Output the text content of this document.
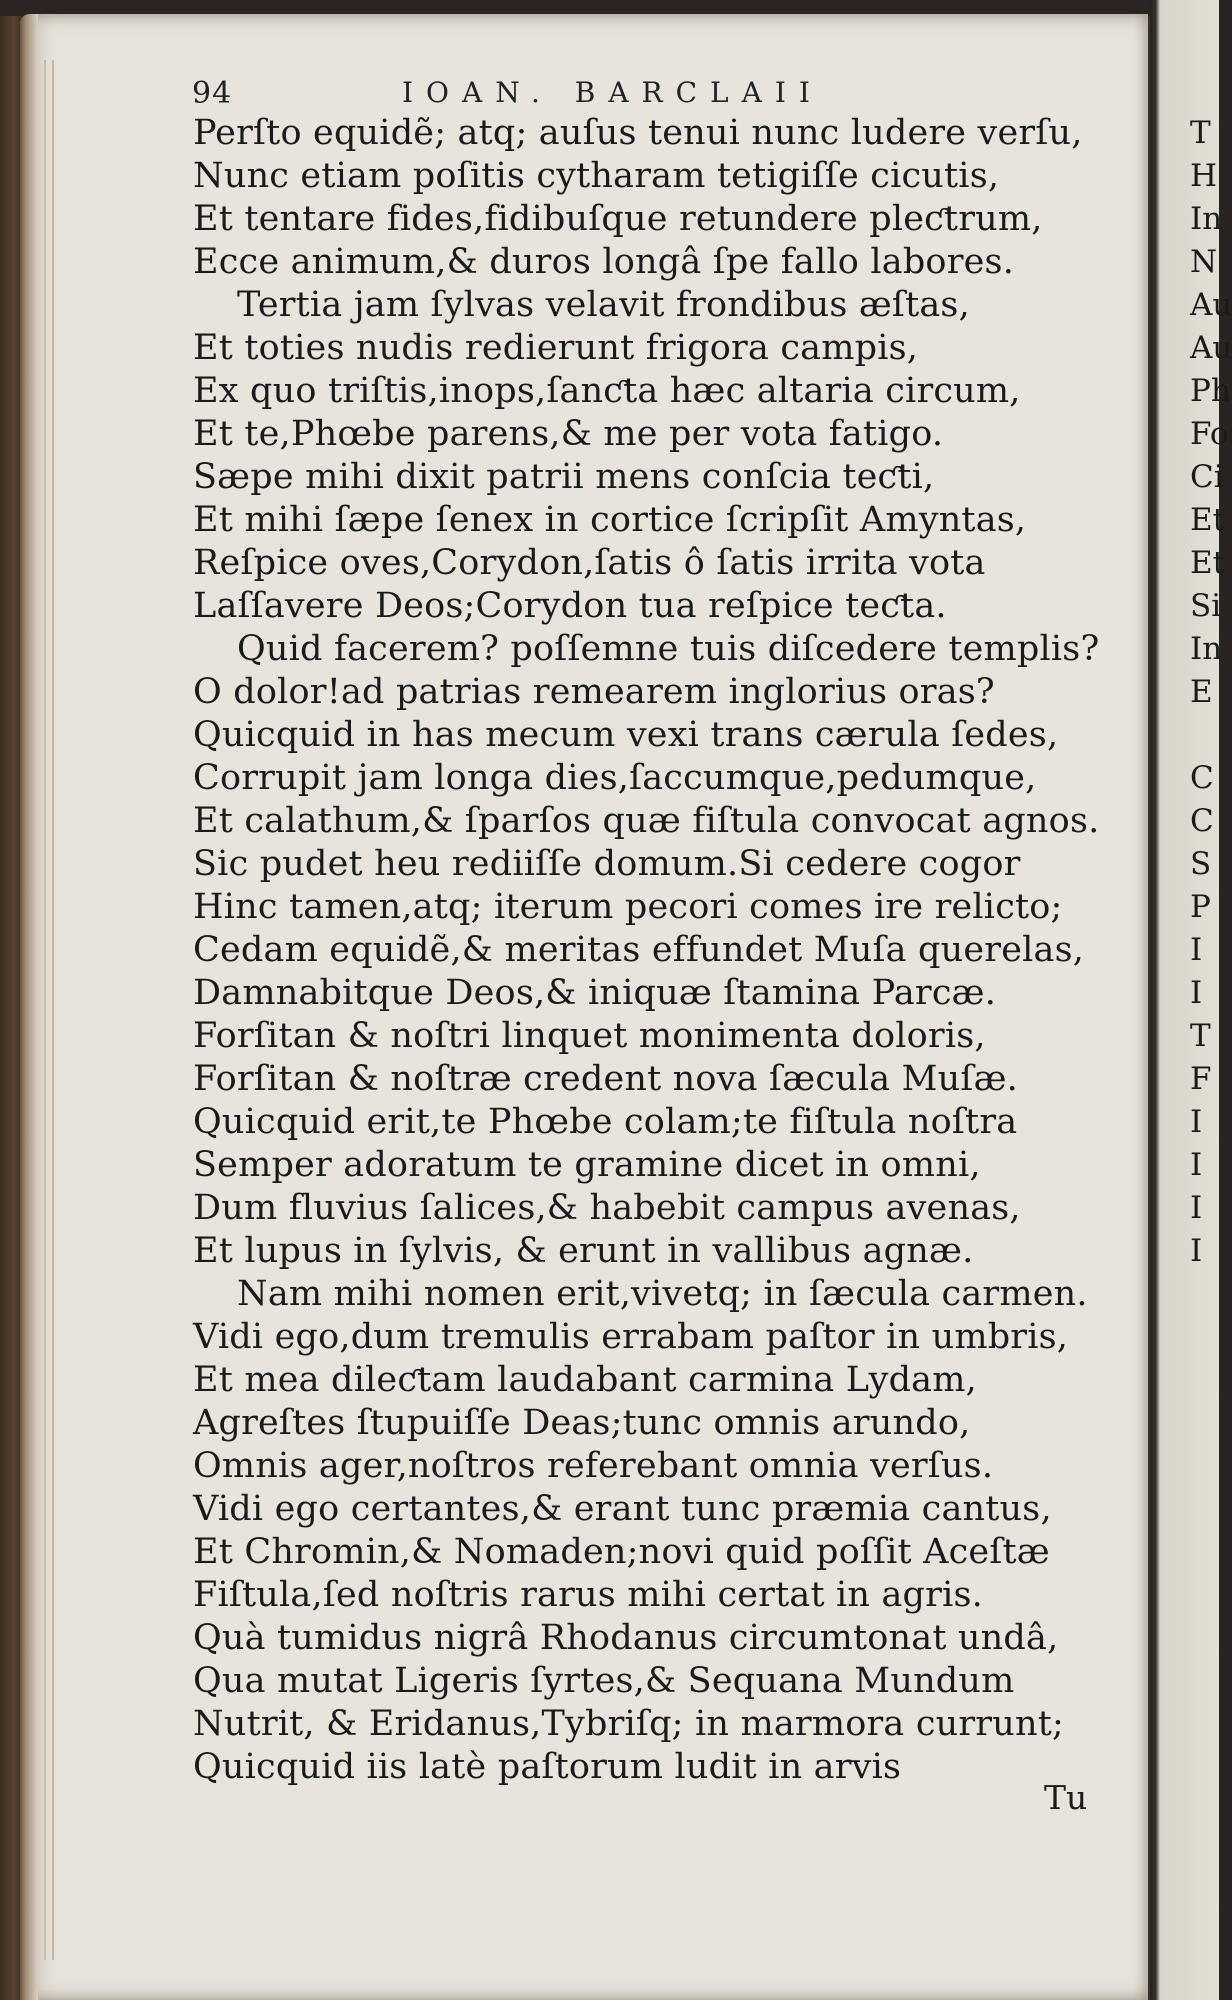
94	IOAN. BARCLAII
Perſto equidẽ; atq; auſus tenui nunc ludere verſu,
Nunc etiam poſitis cytharam tetigiſſe cicutis,
Et tentare fides,fidibuſque retundere pleƈtrum,
Ecce animum,& duros longâ ſpe fallo labores.
Tertia jam ſylvas velavit frondibus æſtas,
Et toties nudis redierunt frigora campis,
Ex quo triſtis,inops,ſanƈta hæc altaria circum,
Et te,Phœbe parens,& me per vota fatigo.
Sæpe mihi dixit patrii mens conſcia teƈti,
Et mihi ſæpe ſenex in cortice ſcripſit Amyntas,
Reſpice oves,Corydon,ſatis ô ſatis irrita vota
Laſſavere Deos;Corydon tua reſpice teƈta.
Quid facerem? poſſemne tuis diſcedere templis?
O dolor!ad patrias remearem inglorius oras?
Quicquid in has mecum vexi trans cærula ſedes,
Corrupit jam longa dies,ſaccumque,pedumque,
Et calathum,& ſparſos quæ fiſtula convocat agnos.
Sic pudet heu rediiſſe domum.Si cedere cogor
Hinc tamen,atq; iterum pecori comes ire relicto;
Cedam equidẽ,& meritas effundet Muſa querelas,
Damnabitque Deos,& iniquæ ſtamina Parcæ.
Forſitan & noſtri linquet monimenta doloris,
Forſitan & noſtræ credent nova ſæcula Muſæ.
Quicquid erit,te Phœbe colam;te fiſtula noſtra
Semper adoratum te gramine dicet in omni,
Dum fluvius ſalices,& habebit campus avenas,
Et lupus in ſylvis, & erunt in vallibus agnæ.
Nam mihi nomen erit,vivetq; in ſæcula carmen.
Vidi ego,dum tremulis errabam paſtor in umbris,
Et mea dileƈtam laudabant carmina Lydam,
Agreſtes ſtupuiſſe Deas;tunc omnis arundo,
Omnis ager,noſtros referebant omnia verſus.
Vidi ego certantes,& erant tunc præmia cantus,
Et Chromin,& Nomaden;novi quid poſſit Aceſtæ
Fiſtula,ſed noſtris rarus mihi certat in agris.
Quà tumidus nigrâ Rhodanus circumtonat undâ,
Qua mutat Ligeris ſyrtes,& Sequana Mundum
Nutrit, & Eridanus,Tybriſq; in marmora currunt;
Quicquid iis latè paſtorum ludit in arvis
Tu
T
H
In
N
Au
Au
Ph
Fo
Ci
Et
Et
Si
In
E
C
C
S
P
I
I
T
F
I
I
I
I
